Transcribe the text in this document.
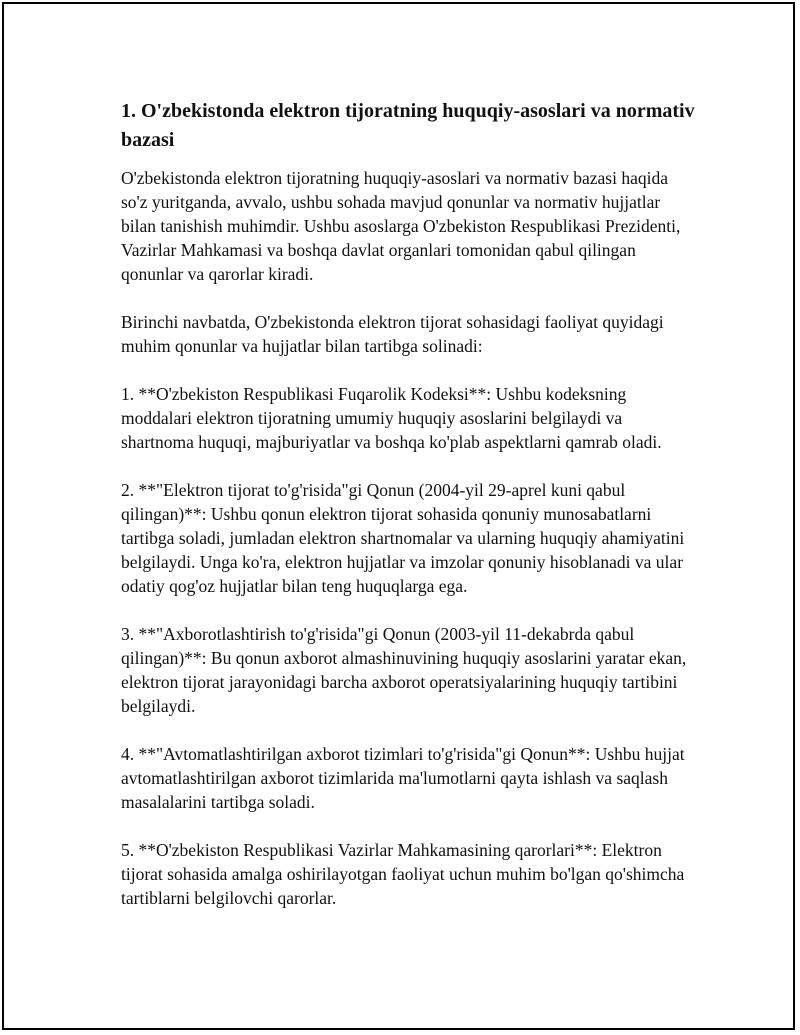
1. O'zbekistonda elektron tijoratning huquqiy-asoslari va normativ bazasi

O'zbekistonda elektron tijoratning huquqiy-asoslari va normativ bazasi haqida so'z yuritganda, avvalo, ushbu sohada mavjud qonunlar va normativ hujjatlar bilan tanishish muhimdir. Ushbu asoslarga O'zbekiston Respublikasi Prezidenti, Vazirlar Mahkamasi va boshqa davlat organlari tomonidan qabul qilingan qonunlar va qarorlar kiradi.

Birinchi navbatda, O'zbekistonda elektron tijorat sohasidagi faoliyat quyidagi muhim qonunlar va hujjatlar bilan tartibga solinadi:

1. **O'zbekiston Respublikasi Fuqarolik Kodeksi**: Ushbu kodeksning moddalari elektron tijoratning umumiy huquqiy asoslarini belgilaydi va shartnoma huquqi, majburiyatlar va boshqa ko'plab aspektlarni qamrab oladi.

2. **"Elektron tijorat to'g'risida"gi Qonun (2004-yil 29-aprel kuni qabul qilingan)**: Ushbu qonun elektron tijorat sohasida qonuniy munosabatlarni tartibga soladi, jumladan elektron shartnomalar va ularning huquqiy ahamiyatini belgilaydi. Unga ko'ra, elektron hujjatlar va imzolar qonuniy hisoblanadi va ular odatiy qog'oz hujjatlar bilan teng huquqlarga ega.

3. **"Axborotlashtirish to'g'risida"gi Qonun (2003-yil 11-dekabrda qabul qilingan)**: Bu qonun axborot almashinuvining huquqiy asoslarini yaratar ekan, elektron tijorat jarayonidagi barcha axborot operatsiyalarining huquqiy tartibini belgilaydi.

4. **"Avtomatlashtirilgan axborot tizimlari to'g'risida"gi Qonun**: Ushbu hujjat avtomatlashtirilgan axborot tizimlarida ma'lumotlarni qayta ishlash va saqlash masalalarini tartibga soladi.

5. **O'zbekiston Respublikasi Vazirlar Mahkamasining qarorlari**: Elektron tijorat sohasida amalga oshirilayotgan faoliyat uchun muhim bo'lgan qo'shimcha tartiblarni belgilovchi qarorlar.
